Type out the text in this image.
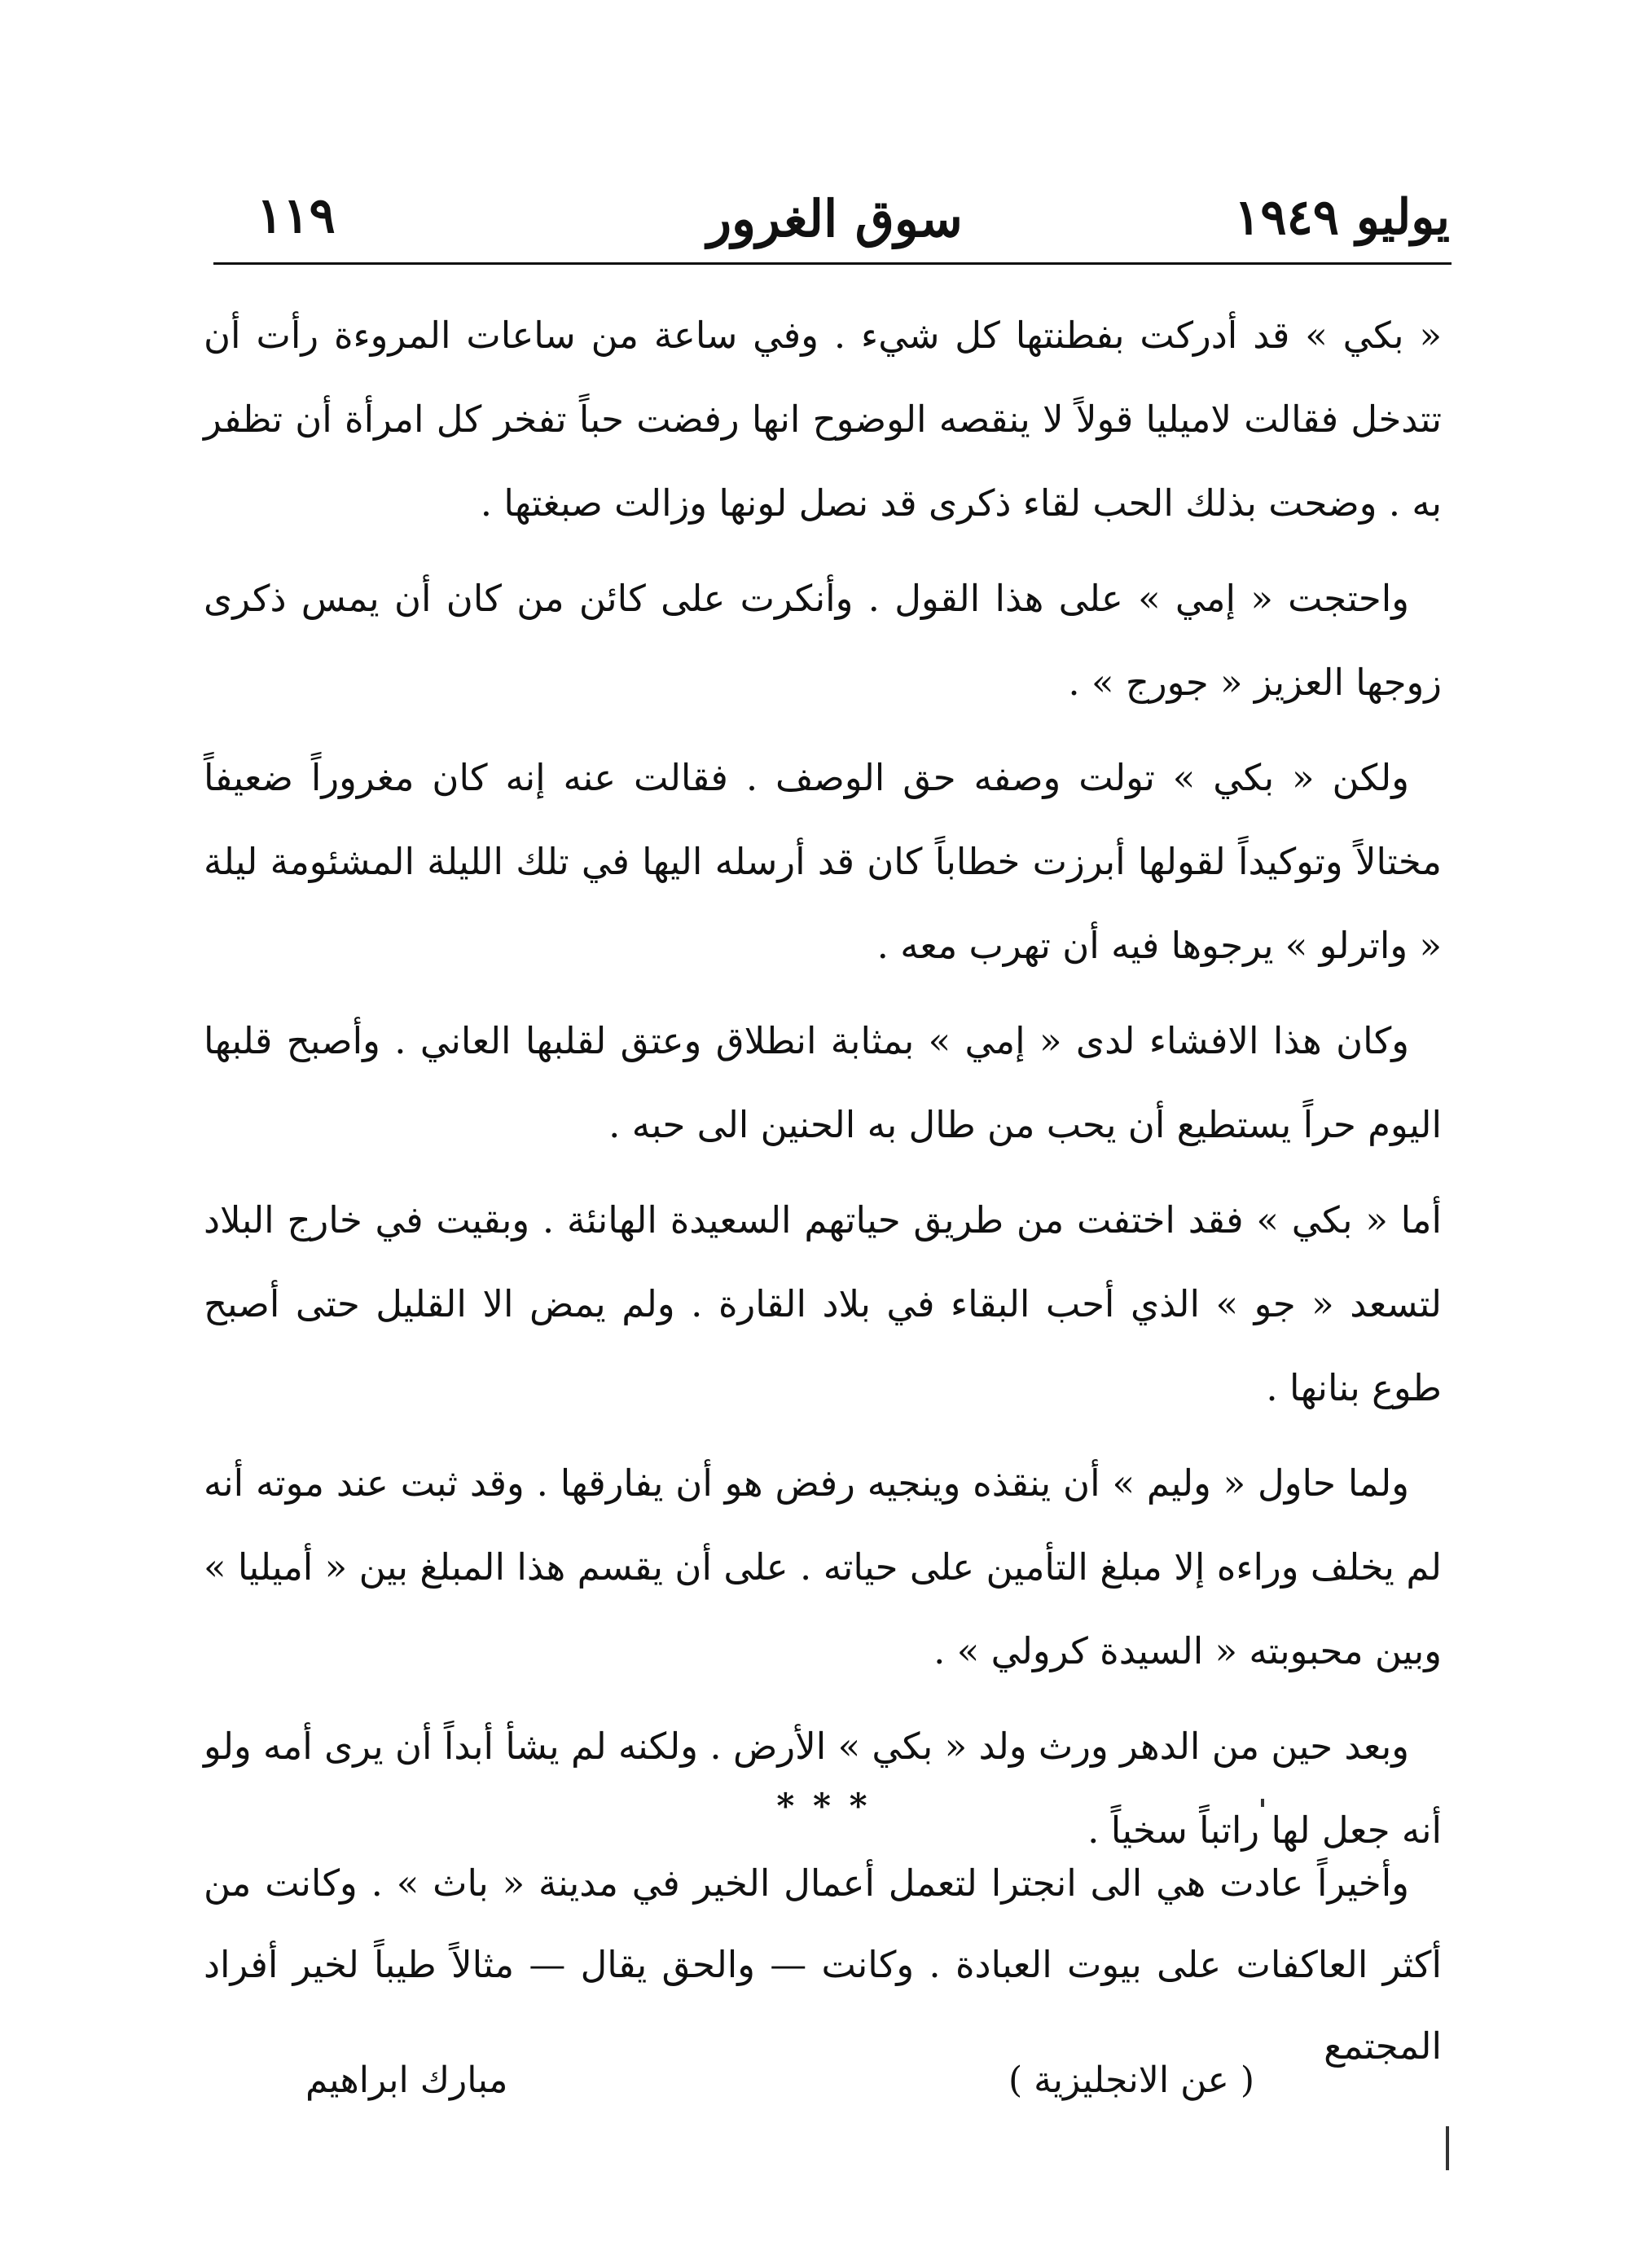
يوليو ١٩٤٩
سوق الغرور
١١٩

« بكي » قد أدركت بفطنتها كل شيء . وفي ساعة من ساعات المروءة رأت أن تتدخل فقالت لاميليا قولاً لا ينقصه الوضوح انها رفضت حباً تفخر كل امرأة أن تظفر به . وضحت بذلك الحب لقاء ذكرى قد نصل لونها وزالت صبغتها .

واحتجت « إمي » على هذا القول . وأنكرت على كائن من كان أن يمس ذكرى زوجها العزيز « جورج » .

ولكن « بكي » تولت وصفه حق الوصف . فقالت عنه إنه كان مغروراً ضعيفاً مختالاً وتوكيداً لقولها أبرزت خطاباً كان قد أرسله اليها في تلك الليلة المشئومة ليلة « واترلو » يرجوها فيه أن تهرب معه .

وكان هذا الافشاء لدى « إمي » بمثابة انطلاق وعتق لقلبها العاني . وأصبح قلبها اليوم حراً يستطيع أن يحب من طال به الحنين الى حبه .

أما « بكي » فقد اختفت من طريق حياتهم السعيدة الهانئة . وبقيت في خارج البلاد لتسعد « جو » الذي أحب البقاء في بلاد القارة . ولم يمض الا القليل حتى أصبح طوع بنانها .

ولما حاول « وليم » أن ينقذه وينجيه رفض هو أن يفارقها . وقد ثبت عند موته أنه لم يخلف وراءه إلا مبلغ التأمين على حياته . على أن يقسم هذا المبلغ بين « أميليا » وبين محبوبته « السيدة كرولي » .

وبعد حين من الدهر ورث ولد « بكي » الأرض . ولكنه لم يشأ أبداً أن يرى أمه ولو أنه جعل لها راتباً سخياً .

* * *

وأخيراً عادت هي الى انجترا لتعمل أعمال الخير في مدينة « باث » . وكانت من أكثر العاكفات على بيوت العبادة . وكانت — والحق يقال — مثالاً طيباً لخير أفراد المجتمع

( عن الانجليزية )
مبارك ابراهيم
